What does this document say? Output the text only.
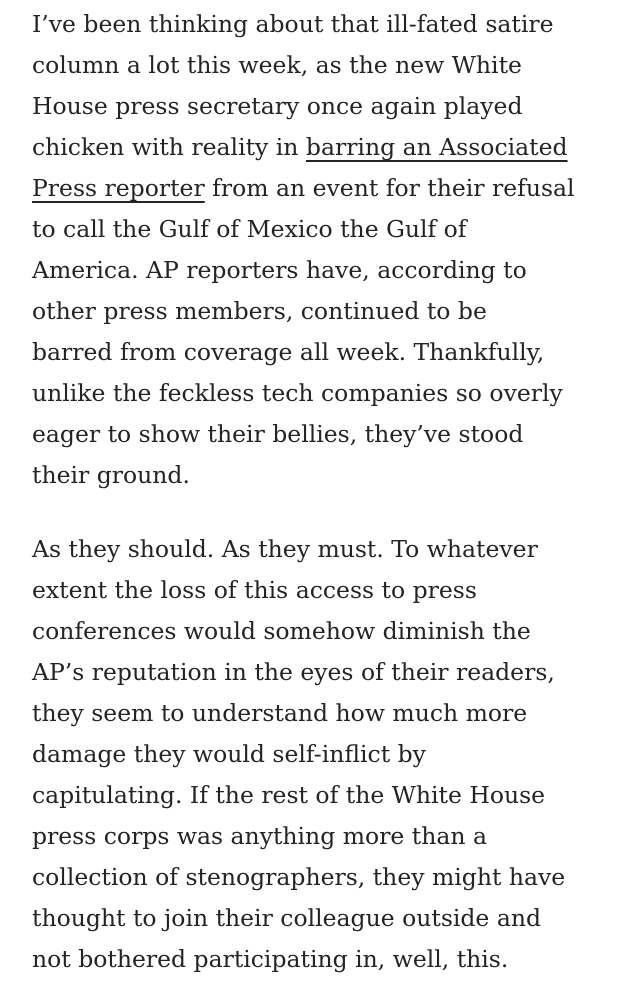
I’ve been thinking about that ill-fated satire
column a lot this week, as the new White
House press secretary once again played
chicken with reality in barring an Associated
Press reporter from an event for their refusal
to call the Gulf of Mexico the Gulf of
America. AP reporters have, according to
other press members, continued to be
barred from coverage all week. Thankfully,
unlike the feckless tech companies so overly
eager to show their bellies, they’ve stood
their ground.

As they should. As they must. To whatever
extent the loss of this access to press
conferences would somehow diminish the
AP’s reputation in the eyes of their readers,
they seem to understand how much more
damage they would self-inflict by
capitulating. If the rest of the White House
press corps was anything more than a
collection of stenographers, they might have
thought to join their colleague outside and
not bothered participating in, well, this.
